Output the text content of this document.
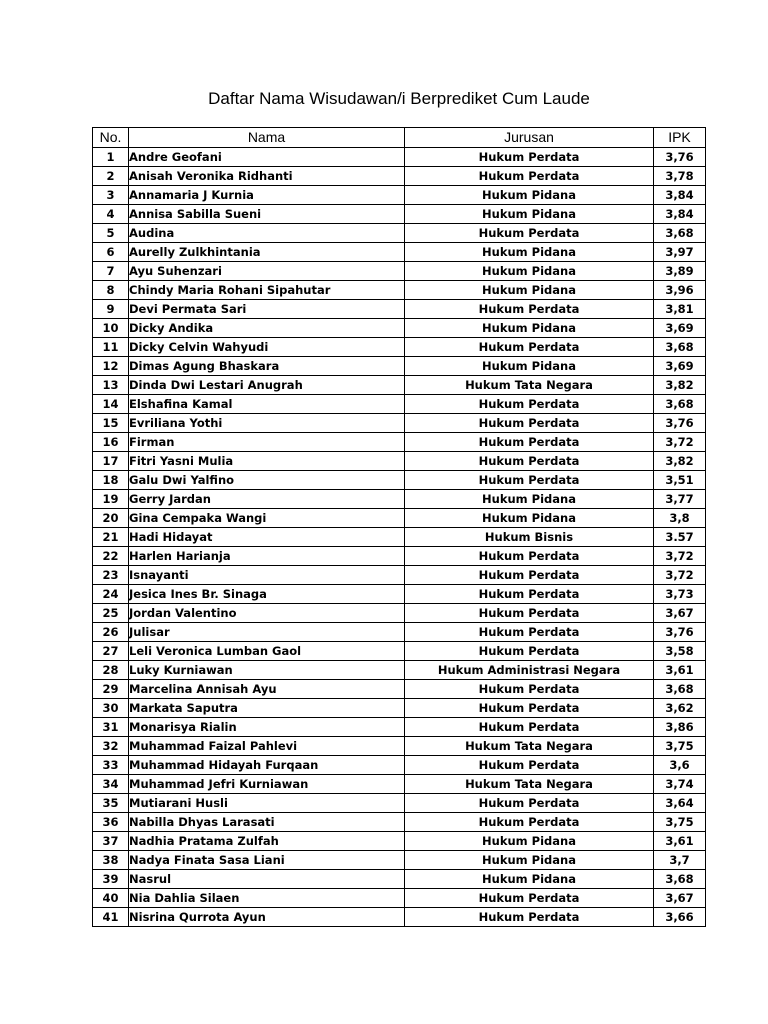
Daftar Nama Wisudawan/i Berprediket Cum Laude
No.	Nama	Jurusan	IPK
1	Andre Geofani	Hukum Perdata	3,76
2	Anisah Veronika Ridhanti	Hukum Perdata	3,78
3	Annamaria J Kurnia	Hukum Pidana	3,84
4	Annisa Sabilla Sueni	Hukum Pidana	3,84
5	Audina	Hukum Perdata	3,68
6	Aurelly Zulkhintania	Hukum Pidana	3,97
7	Ayu Suhenzari	Hukum Pidana	3,89
8	Chindy Maria Rohani Sipahutar	Hukum Pidana	3,96
9	Devi Permata Sari	Hukum Perdata	3,81
10	Dicky Andika	Hukum Pidana	3,69
11	Dicky Celvin Wahyudi	Hukum Perdata	3,68
12	Dimas Agung Bhaskara	Hukum Pidana	3,69
13	Dinda Dwi Lestari Anugrah	Hukum Tata Negara	3,82
14	Elshafina Kamal	Hukum Perdata	3,68
15	Evriliana Yothi	Hukum Perdata	3,76
16	Firman	Hukum Perdata	3,72
17	Fitri Yasni Mulia	Hukum Perdata	3,82
18	Galu Dwi Yalfino	Hukum Perdata	3,51
19	Gerry Jardan	Hukum Pidana	3,77
20	Gina Cempaka Wangi	Hukum Pidana	3,8
21	Hadi Hidayat	Hukum Bisnis	3.57
22	Harlen Harianja	Hukum Perdata	3,72
23	Isnayanti	Hukum Perdata	3,72
24	Jesica Ines Br. Sinaga	Hukum Perdata	3,73
25	Jordan Valentino	Hukum Perdata	3,67
26	Julisar	Hukum Perdata	3,76
27	Leli Veronica Lumban Gaol	Hukum Perdata	3,58
28	Luky Kurniawan	Hukum Administrasi Negara	3,61
29	Marcelina Annisah Ayu	Hukum Perdata	3,68
30	Markata Saputra	Hukum Perdata	3,62
31	Monarisya Rialin	Hukum Perdata	3,86
32	Muhammad Faizal Pahlevi	Hukum Tata Negara	3,75
33	Muhammad Hidayah Furqaan	Hukum Perdata	3,6
34	Muhammad Jefri Kurniawan	Hukum Tata Negara	3,74
35	Mutiarani Husli	Hukum Perdata	3,64
36	Nabilla Dhyas Larasati	Hukum Perdata	3,75
37	Nadhia Pratama Zulfah	Hukum Pidana	3,61
38	Nadya Finata Sasa Liani	Hukum Pidana	3,7
39	Nasrul	Hukum Pidana	3,68
40	Nia Dahlia Silaen	Hukum Perdata	3,67
41	Nisrina Qurrota Ayun	Hukum Perdata	3,66
